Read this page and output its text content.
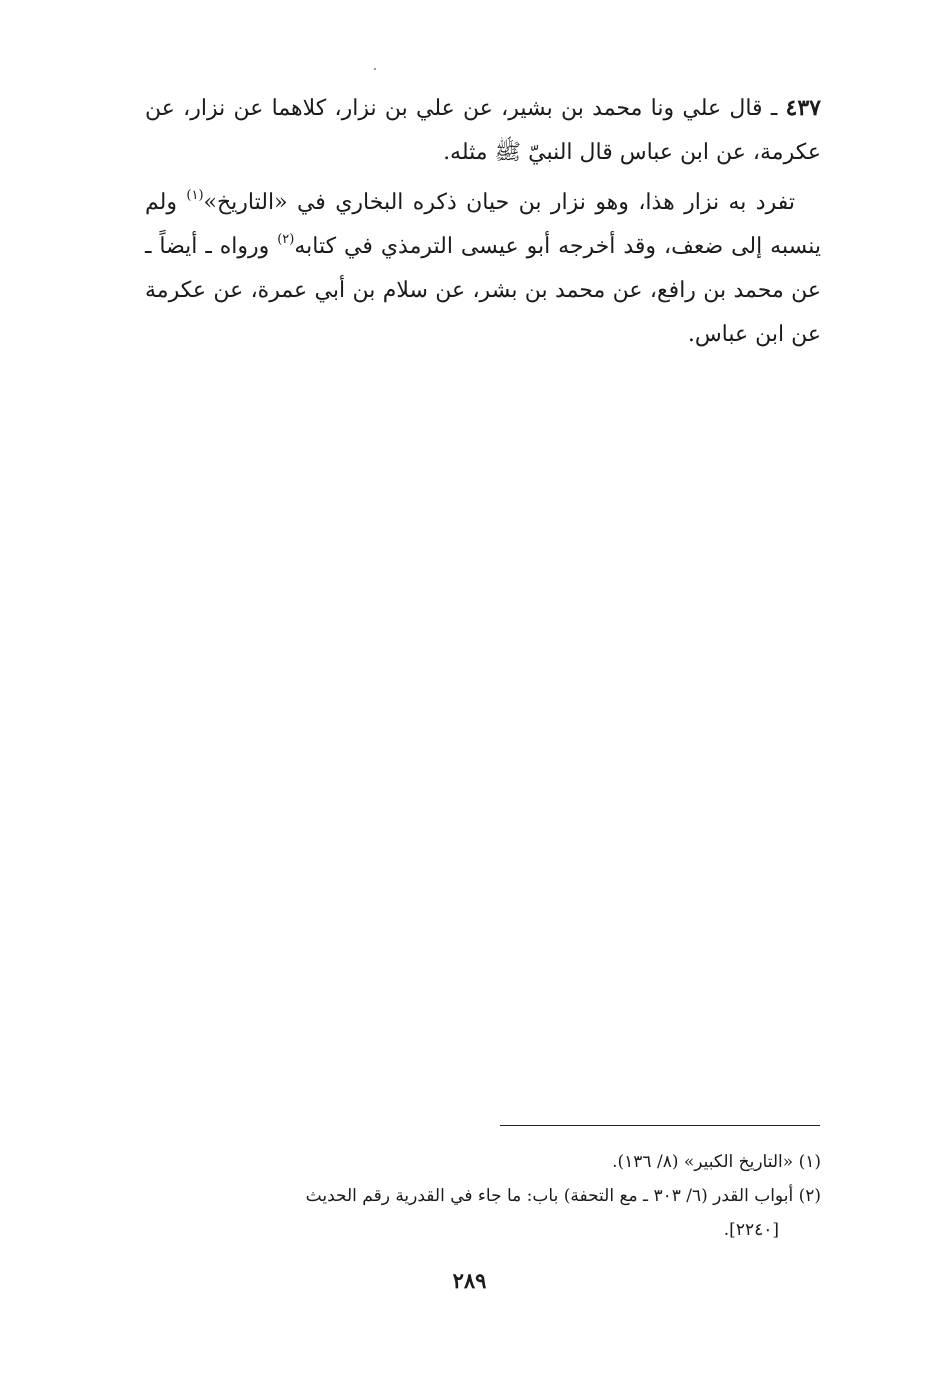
٤٣٧ ـ قال علي ونا محمد بن بشير، عن علي بن نزار، كلاهما عن نزار، عن عكرمة، عن ابن عباس قال النبيّ ﷺ مثله.
تفرد به نزار هذا، وهو نزار بن حيان ذكره البخاري في «التاريخ»$^{(١)}$ ولم ينسبه إلى ضعف، وقد أخرجه أبو عيسى الترمذي في كتابه$^{(٢)}$ ورواه ـ أيضاً ـ عن محمد بن رافع، عن محمد بن بشر، عن سلام بن أبي عمرة، عن عكرمة عن ابن عباس.

(١) «التاريخ الكبير» (٨/ ١٣٦).

(٢) أبواب القدر (٦/ ٣٠٣ ـ مع التحفة) باب: ما جاء في القدرية رقم الحديث

[٢٢٤٠].

٢٨٩
